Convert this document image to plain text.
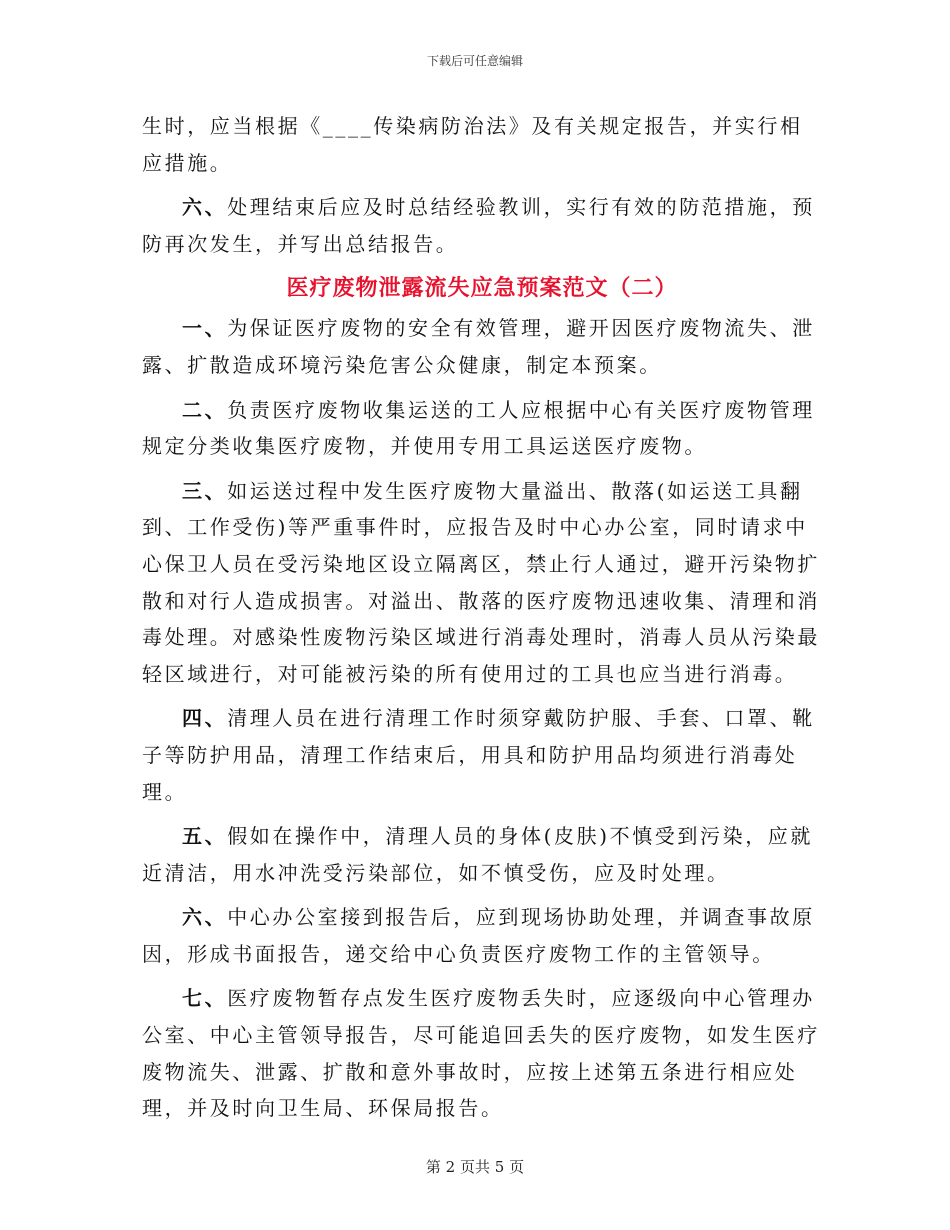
下载后可任意编辑

生时，应当根据《____传染病防治法》及有关规定报告，并实行相应措施。

六、处理结束后应及时总结经验教训，实行有效的防范措施，预防再次发生，并写出总结报告。

医疗废物泄露流失应急预案范文（二）

一、为保证医疗废物的安全有效管理，避开因医疗废物流失、泄露、扩散造成环境污染危害公众健康，制定本预案。

二、负责医疗废物收集运送的工人应根据中心有关医疗废物管理规定分类收集医疗废物，并使用专用工具运送医疗废物。

三、如运送过程中发生医疗废物大量溢出、散落(如运送工具翻到、工作受伤)等严重事件时，应报告及时中心办公室，同时请求中心保卫人员在受污染地区设立隔离区，禁止行人通过，避开污染物扩散和对行人造成损害。对溢出、散落的医疗废物迅速收集、清理和消毒处理。对感染性废物污染区域进行消毒处理时，消毒人员从污染最轻区域进行，对可能被污染的所有使用过的工具也应当进行消毒。

四、清理人员在进行清理工作时须穿戴防护服、手套、口罩、靴子等防护用品，清理工作结束后，用具和防护用品均须进行消毒处理。

五、假如在操作中，清理人员的身体(皮肤)不慎受到污染，应就近清洁，用水冲洗受污染部位，如不慎受伤，应及时处理。

六、中心办公室接到报告后，应到现场协助处理，并调查事故原因，形成书面报告，递交给中心负责医疗废物工作的主管领导。

七、医疗废物暂存点发生医疗废物丢失时，应逐级向中心管理办公室、中心主管领导报告，尽可能追回丢失的医疗废物，如发生医疗废物流失、泄露、扩散和意外事故时，应按上述第五条进行相应处理，并及时向卫生局、环保局报告。

第 2 页共 5 页
